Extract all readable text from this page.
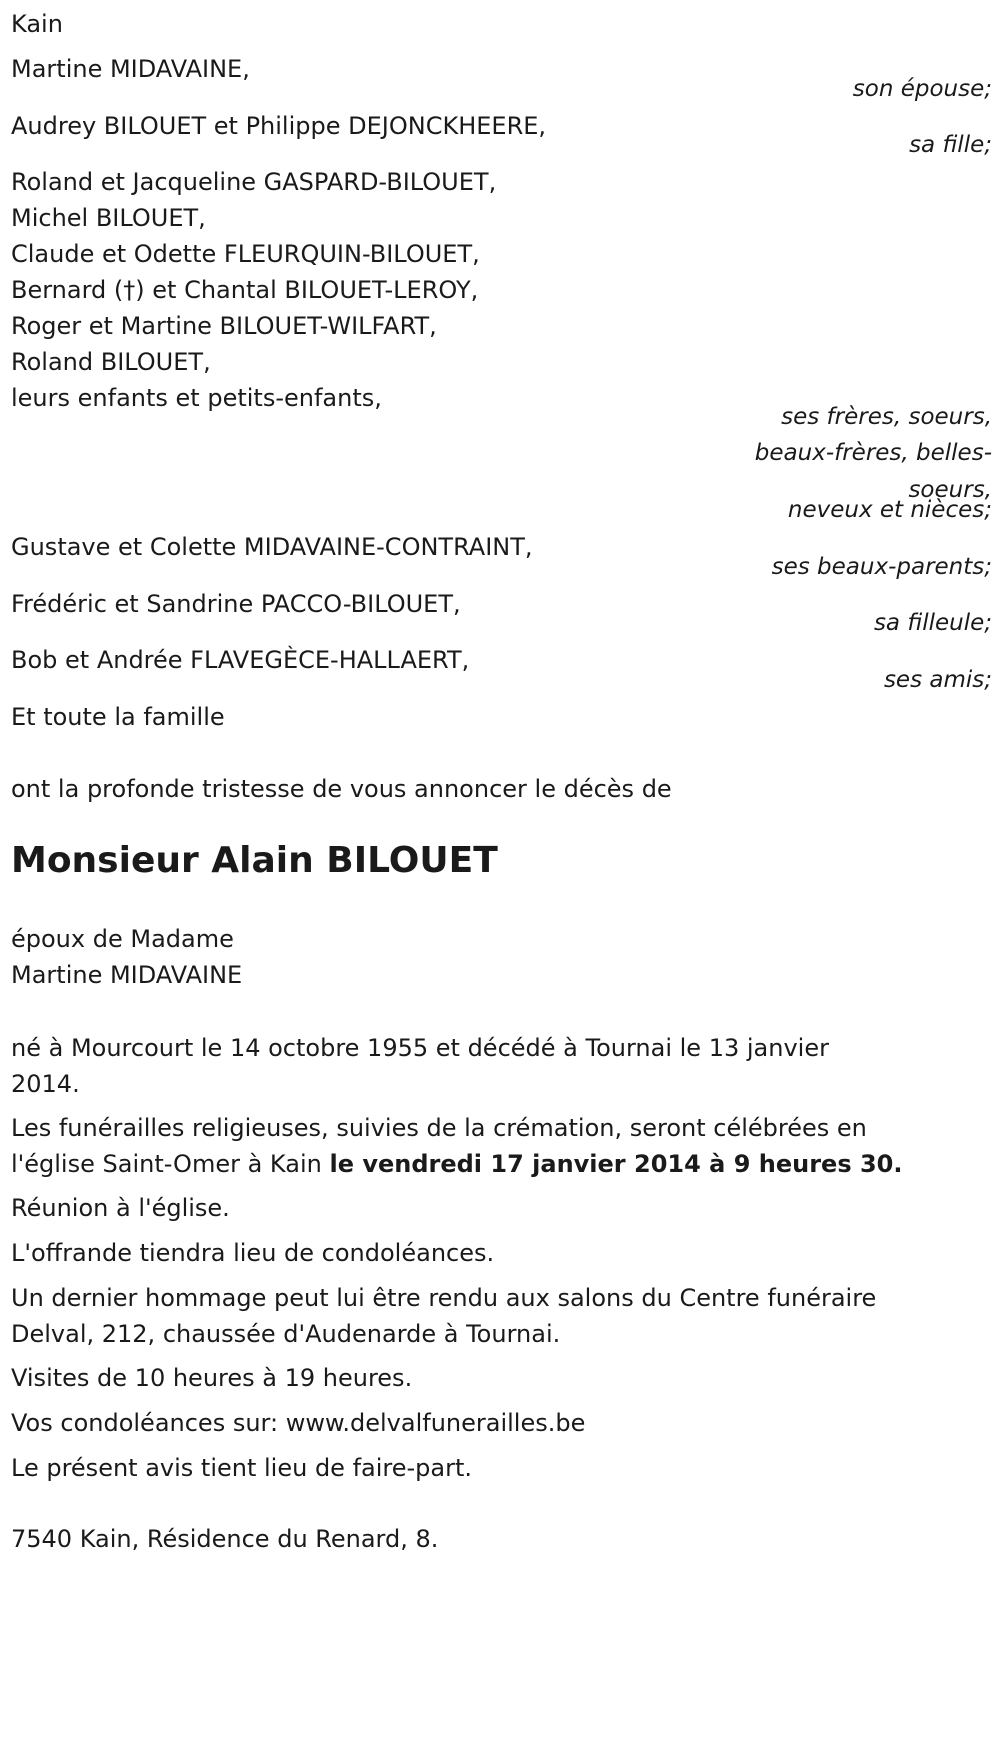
Kain
Martine MIDAVAINE,
son épouse;
Audrey BILOUET et Philippe DEJONCKHEERE,
sa fille;
Roland et Jacqueline GASPARD-BILOUET,
Michel BILOUET,
Claude et Odette FLEURQUIN-BILOUET,
Bernard (†) et Chantal BILOUET-LEROY,
Roger et Martine BILOUET-WILFART,
Roland BILOUET,
leurs enfants et petits-enfants,
ses frères, soeurs,
beaux-frères, belles-
soeurs,
neveux et nièces;
Gustave et Colette MIDAVAINE-CONTRAINT,
ses beaux-parents;
Frédéric et Sandrine PACCO-BILOUET,
sa filleule;
Bob et Andrée FLAVEGÈCE-HALLAERT,
ses amis;
Et toute la famille
ont la profonde tristesse de vous annoncer le décès de
Monsieur Alain BILOUET
époux de Madame
Martine MIDAVAINE
né à Mourcourt le 14 octobre 1955 et décédé à Tournai le 13 janvier
2014.
Les funérailles religieuses, suivies de la crémation, seront célébrées en
l'église Saint-Omer à Kain le vendredi 17 janvier 2014 à 9 heures 30.
Réunion à l'église.
L'offrande tiendra lieu de condoléances.
Un dernier hommage peut lui être rendu aux salons du Centre funéraire
Delval, 212, chaussée d'Audenarde à Tournai.
Visites de 10 heures à 19 heures.
Vos condoléances sur: www.delvalfunerailles.be
Le présent avis tient lieu de faire-part.
7540 Kain, Résidence du Renard, 8.
